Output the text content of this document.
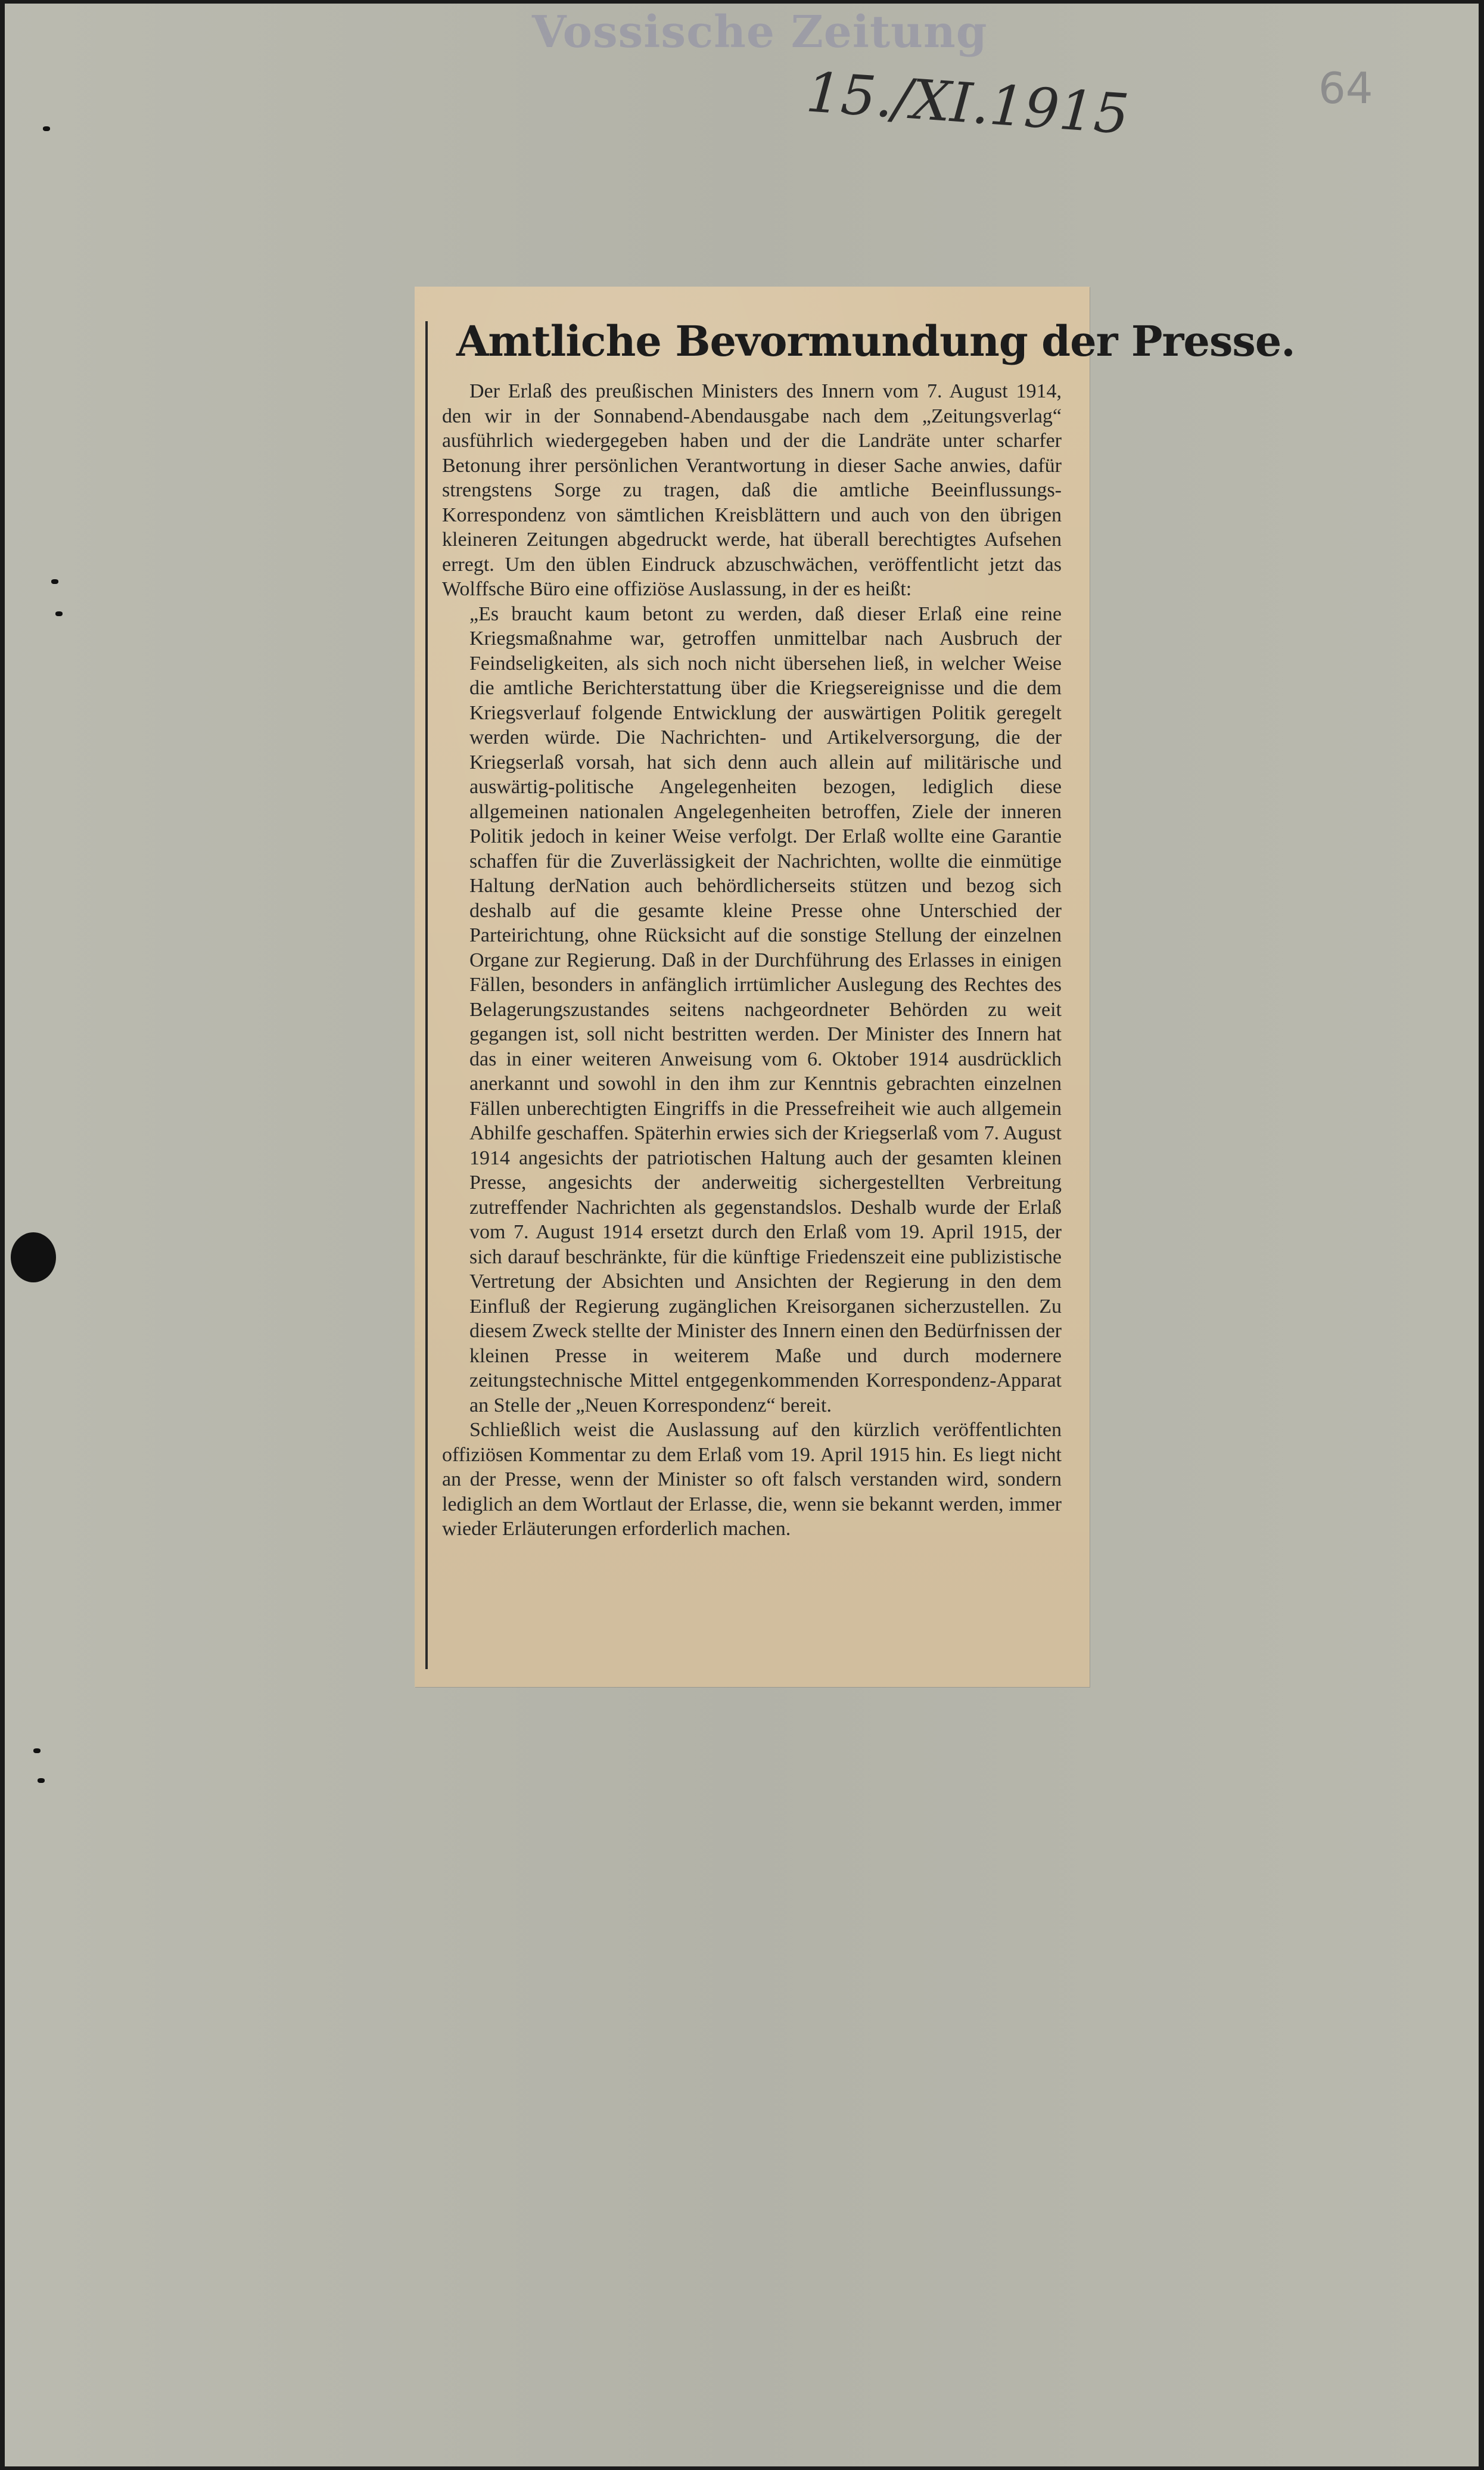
Vossische Zeitung
15./XI.1915	64
Amtliche Bevormundung der Presse.

Der Erlaß des preußischen Ministers des Innern vom 7. August 1914, den wir in der Sonnabend-Abendausgabe nach dem „Zeitungsverlag“ ausführlich wiedergegeben haben und der die Landräte unter scharfer Betonung ihrer persönlichen Verantwortung in dieser Sache anwies, dafür strengstens Sorge zu tragen, daß die amtliche Beeinflussungs-Korrespondenz von sämtlichen Kreisblättern und auch von den übrigen kleineren Zeitungen abgedruckt werde, hat überall berechtigtes Aufsehen erregt. Um den üblen Eindruck abzuschwächen, veröffentlicht jetzt das Wolffsche Büro eine offiziöse Auslassung, in der es heißt:

„Es braucht kaum betont zu werden, daß dieser Erlaß eine reine Kriegsmaßnahme war, getroffen unmittelbar nach Ausbruch der Feindseligkeiten, als sich noch nicht übersehen ließ, in welcher Weise die amtliche Berichterstattung über die Kriegsereignisse und die dem Kriegsverlauf folgende Entwicklung der auswärtigen Politik geregelt werden würde. Die Nachrichten- und Artikelversorgung, die der Kriegserlaß vorsah, hat sich denn auch allein auf militärische und auswärtig-politische Angelegenheiten bezogen, lediglich diese allgemeinen nationalen Angelegenheiten betroffen, Ziele der inneren Politik jedoch in keiner Weise verfolgt. Der Erlaß wollte eine Garantie schaffen für die Zuverlässigkeit der Nachrichten, wollte die einmütige Haltung derNation auch behördlicherseits stützen und bezog sich deshalb auf die gesamte kleine Presse ohne Unterschied der Parteirichtung, ohne Rücksicht auf die sonstige Stellung der einzelnen Organe zur Regierung. Daß in der Durchführung des Erlasses in einigen Fällen, besonders in anfänglich irrtümlicher Auslegung des Rechtes des Belagerungszustandes seitens nachgeordneter Behörden zu weit gegangen ist, soll nicht bestritten werden. Der Minister des Innern hat das in einer weiteren Anweisung vom 6. Oktober 1914 ausdrücklich anerkannt und sowohl in den ihm zur Kenntnis gebrachten einzelnen Fällen unberechtigten Eingriffs in die Pressefreiheit wie auch allgemein Abhilfe geschaffen. Späterhin erwies sich der Kriegserlaß vom 7. August 1914 angesichts der patriotischen Haltung auch der gesamten kleinen Presse, angesichts der anderweitig sichergestellten Verbreitung zutreffender Nachrichten als gegenstandslos. Deshalb wurde der Erlaß vom 7. August 1914 ersetzt durch den Erlaß vom 19. April 1915, der sich darauf beschränkte, für die künftige Friedenszeit eine publizistische Vertretung der Absichten und Ansichten der Regierung in den dem Einfluß der Regierung zugänglichen Kreisorganen sicherzustellen. Zu diesem Zweck stellte der Minister des Innern einen den Bedürfnissen der kleinen Presse in weiterem Maße und durch modernere zeitungstechnische Mittel entgegenkommenden Korrespondenz-Apparat an Stelle der „Neuen Korrespondenz“ bereit.

Schließlich weist die Auslassung auf den kürzlich veröffentlichten offiziösen Kommentar zu dem Erlaß vom 19. April 1915 hin. Es liegt nicht an der Presse, wenn der Minister so oft falsch verstanden wird, sondern lediglich an dem Wortlaut der Erlasse, die, wenn sie bekannt werden, immer wieder Erläuterungen erforderlich machen.
